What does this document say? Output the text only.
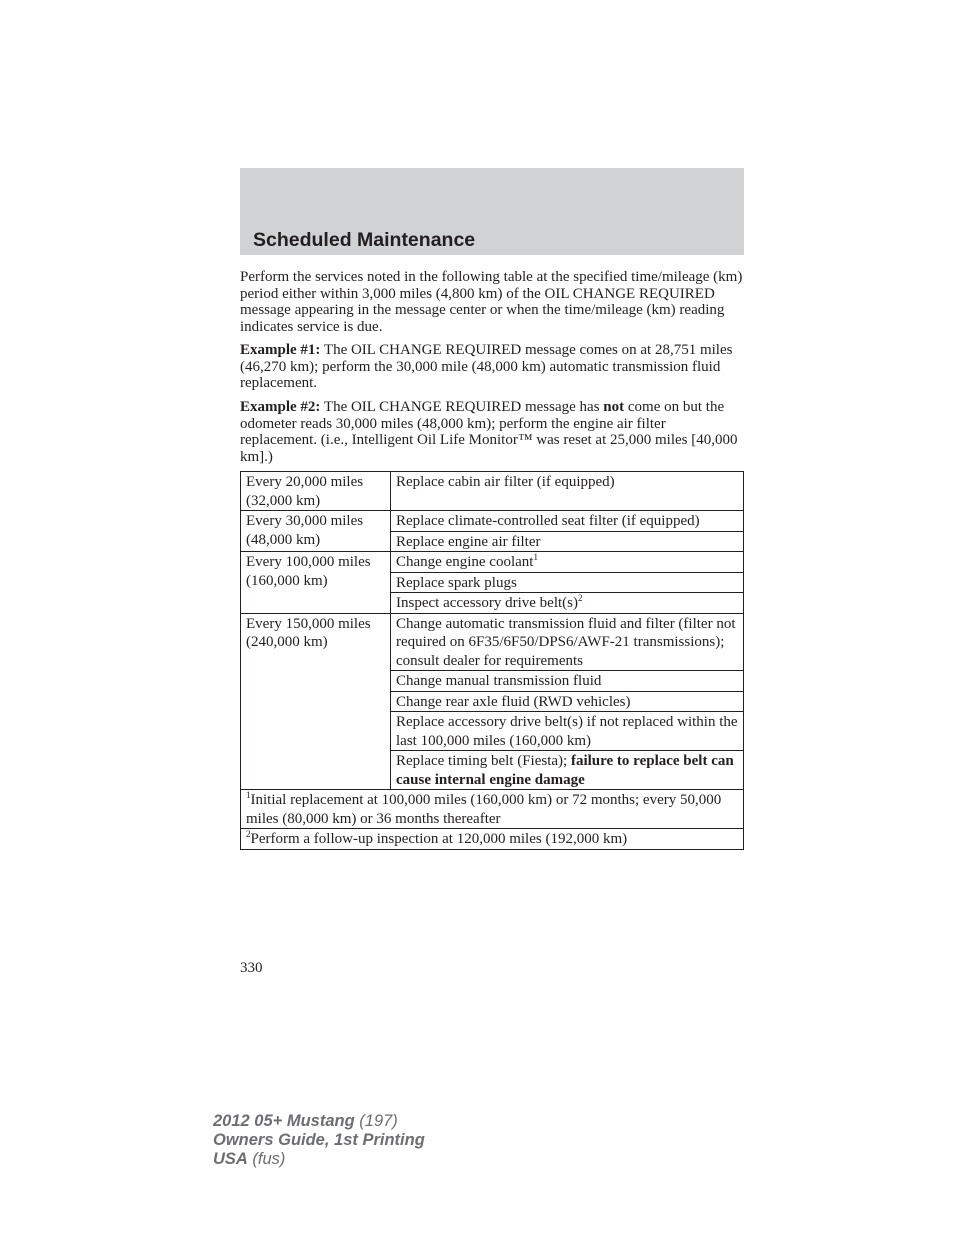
Scheduled Maintenance

Perform the services noted in the following table at the specified time/mileage (km) period either within 3,000 miles (4,800 km) of the OIL CHANGE REQUIRED message appearing in the message center or when the time/mileage (km) reading indicates service is due.

Example #1: The OIL CHANGE REQUIRED message comes on at 28,751 miles (46,270 km); perform the 30,000 mile (48,000 km) automatic transmission fluid replacement.

Example #2: The OIL CHANGE REQUIRED message has not come on but the odometer reads 30,000 miles (48,000 km); perform the engine air filter replacement. (i.e., Intelligent Oil Life Monitor™ was reset at 25,000 miles [40,000 km].)

Every 20,000 miles (32,000 km)	Replace cabin air filter (if equipped)
Every 30,000 miles (48,000 km)	Replace climate-controlled seat filter (if equipped)
	Replace engine air filter
Every 100,000 miles (160,000 km)	Change engine coolant$^1$
	Replace spark plugs
	Inspect accessory drive $belt(s)^2$
Every 150,000 miles (240,000 km)	Change automatic transmission fluid and filter (filter not required on 6F35/6F50/DPS6/AWF-21 transmissions); consult dealer for requirements
	Change manual transmission fluid
	Change rear axle fluid (RWD vehicles)
	Replace accessory drive belt(s) if not replaced within the last 100,000 miles (160,000 km)
	Replace timing belt (Fiesta); failure to replace belt can cause internal engine damage
$^1$Initial replacement at 100,000 miles (160,000 km) or 72 months; every 50,000 miles (80,000 km) or 36 months thereafter	
$^2$Perform a follow-up inspection at 120,000 miles (192,000 km)	
330
2012 05+ Mustang (197)
Owners Guide, 1st Printing
USA (fus)
